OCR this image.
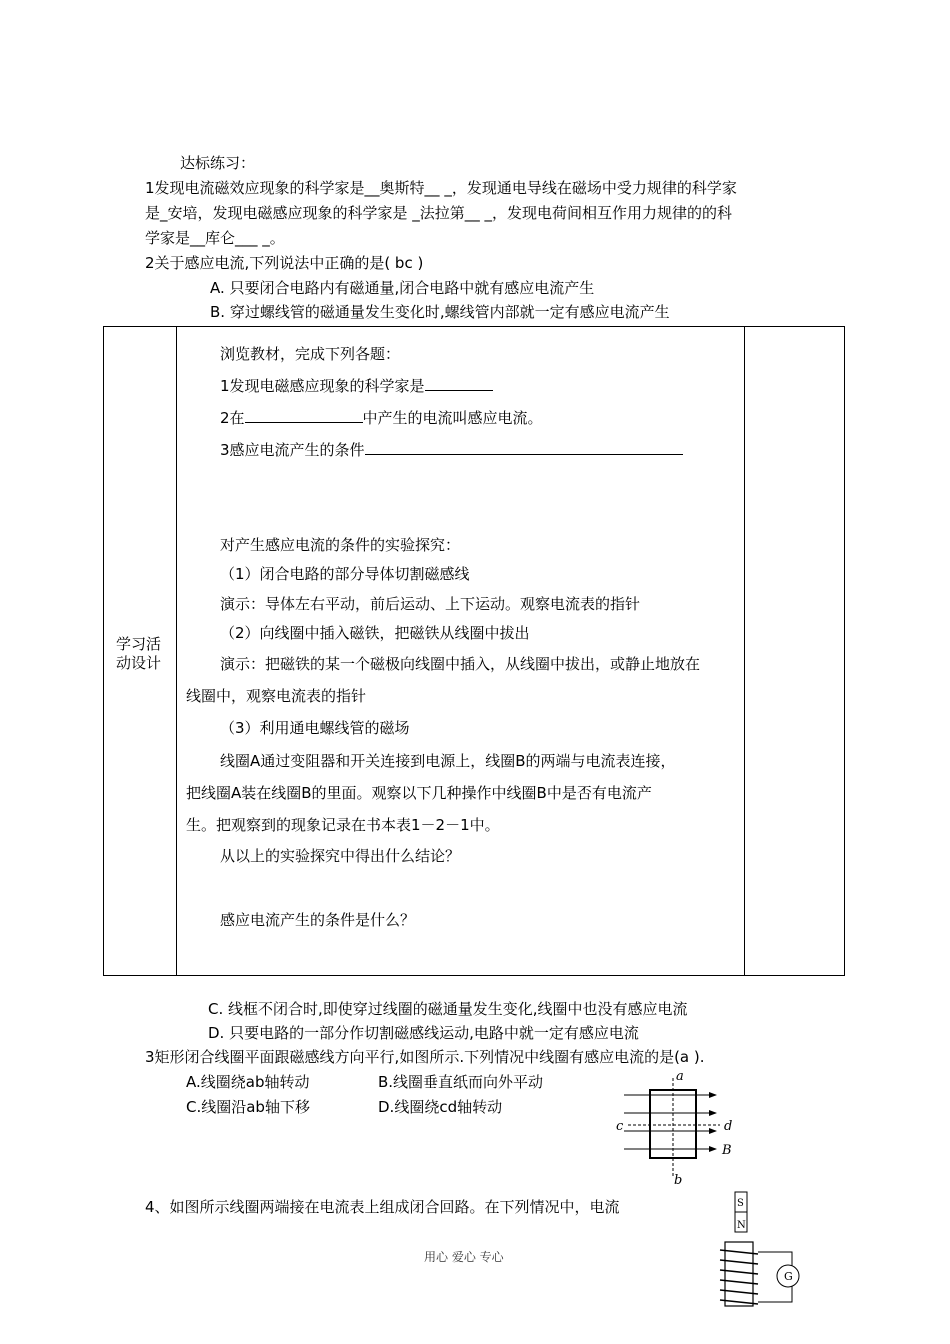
达标练习：
1发现电流磁效应现象的科学家是__奥斯特__ _，发现通电导线在磁场中受力规律的科学家
是_安培，发现电磁感应现象的科学家是 _法拉第__ _，发现电荷间相互作用力规律的的科
学家是__库仑___ _。
2关于感应电流,下列说法中正确的是( bc )
A. 只要闭合电路内有磁通量,闭合电路中就有感应电流产生
B. 穿过螺线管的磁通量发生变化时,螺线管内部就一定有感应电流产生
学习活
动设计
浏览教材，完成下列各题：
1发现电磁感应现象的科学家是
2在	中产生的电流叫感应电流。
3感应电流产生的条件
对产生感应电流的条件的实验探究：
（1）闭合电路的部分导体切割磁感线
演示：导体左右平动，前后运动、上下运动。观察电流表的指针
（2）向线圈中插入磁铁，把磁铁从线圈中拔出
演示：把磁铁的某一个磁极向线圈中插入，从线圈中拔出，或静止地放在
线圈中，观察电流表的指针
（3）利用通电螺线管的磁场
线圈A通过变阻器和开关连接到电源上，线圈B的两端与电流表连接，
把线圈A装在线圈B的里面。观察以下几种操作中线圈B中是否有电流产
生。把观察到的现象记录在书本表1－2－1中。
从以上的实验探究中得出什么结论？
感应电流产生的条件是什么？
C. 线框不闭合时,即使穿过线圈的磁通量发生变化,线圈中也没有感应电流
D. 只要电路的一部分作切割磁感线运动,电路中就一定有感应电流
3矩形闭合线圈平面跟磁感线方向平行,如图所示.下列情况中线圈有感应电流的是(a ).
A.线圈绕ab轴转动	B.线圈垂直纸而向外平动
C.线圈沿ab轴下移	D.线圈绕cd轴转动
a
b
c	d
B
4、如图所示线圈两端接在电流表上组成闭合回路。在下列情况中，电流	S
N
G
用心 爱心 专心
